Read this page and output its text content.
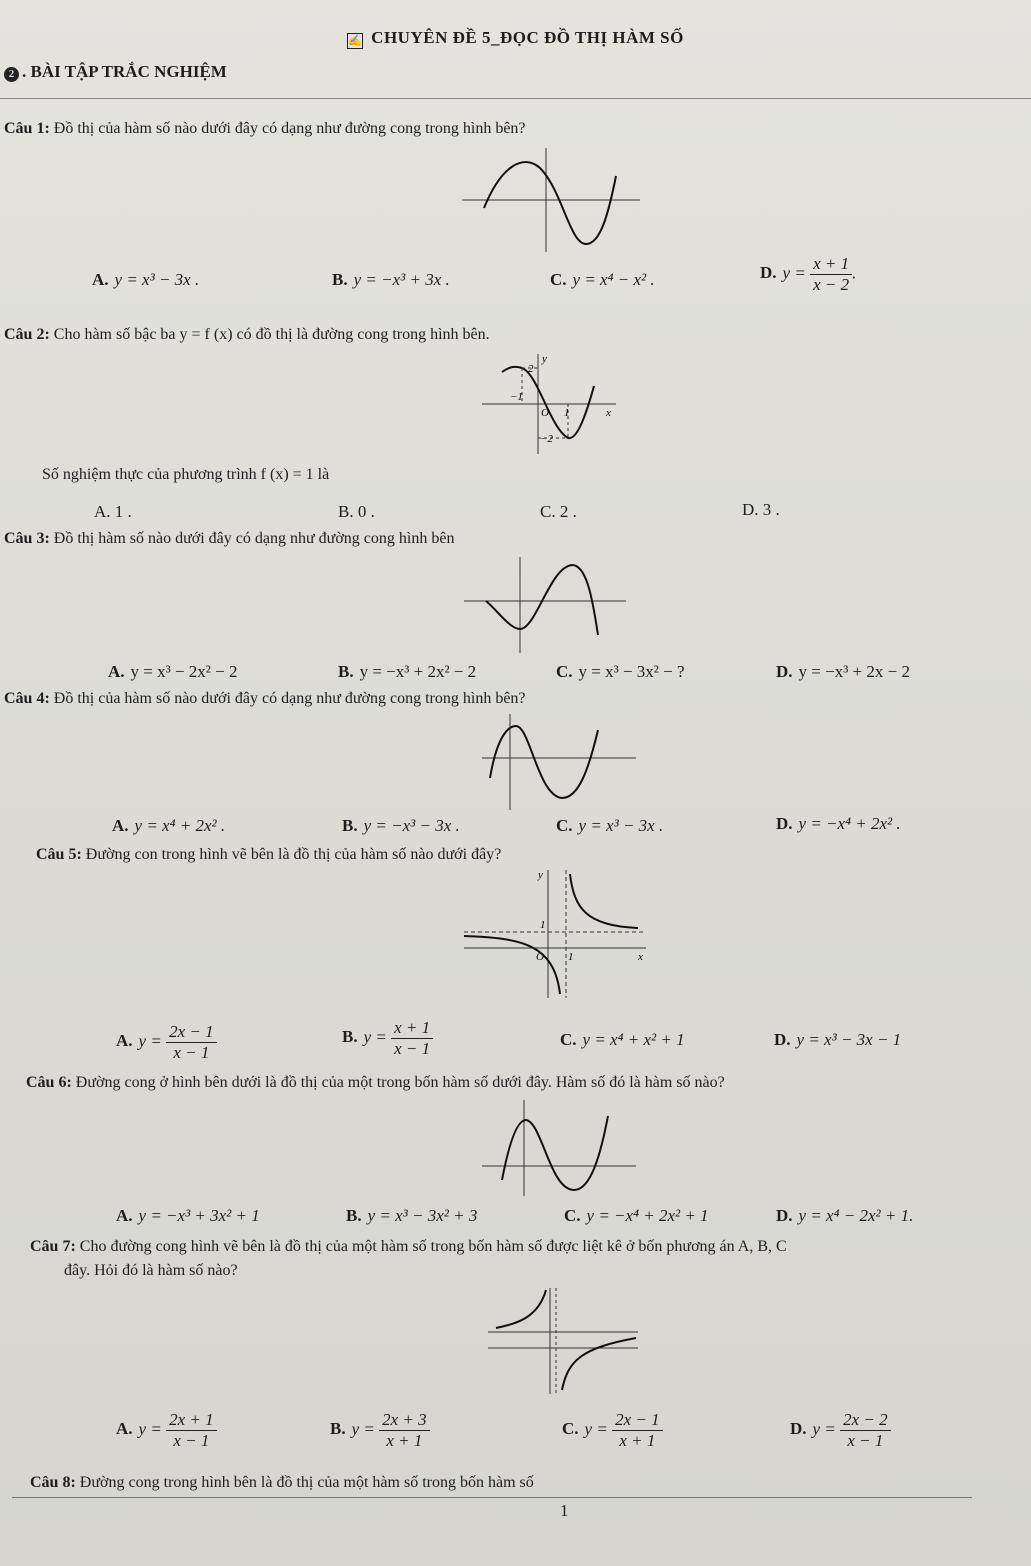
✍ CHUYÊN ĐỀ 5_ĐỌC ĐỒ THỊ HÀM SỐ
2 . BÀI TẬP TRẮC NGHIỆM
Câu 1: Đồ thị của hàm số nào dưới đây có dạng như đường cong trong hình bên?
A. y = x³ − 3x .	B. y = −x³ + 3x .	C. y = x⁴ − x² .	D. $y = \frac{x + 1}{x - 2}$ .
Câu 2: Cho hàm số bậc ba y = f (x) có đồ thị là đường cong trong hình bên.
2
−2
−1
1
O	x
y
Số nghiệm thực của phương trình f (x) = 1 là
A. 1 .	B. 0 .	C. 2 .	D. 3 .
Câu 3: Đồ thị hàm số nào dưới đây có dạng như đường cong hình bên
A. y = x³ − 2x² − 2	B. y = −x³ + 2x² − 2	C. y = x³ − 3x² − ?	D. y = −x³ + 2x − 2
Câu 4: Đồ thị của hàm số nào dưới đây có dạng như đường cong trong hình bên?
A. y = x⁴ + 2x² .	B. y = −x³ − 3x .	C. y = x³ − 3x .	D. y = −x⁴ + 2x² .
Câu 5: Đường con trong hình vẽ bên là đồ thị của hàm số nào dưới đây?
y
x
O
1
1
A. $y = \frac{2x - 1}{x - 1}$	B. $y = \frac{x + 1}{x - 1}$	C. y = x⁴ + x² + 1	D. y = x³ − 3x − 1
Câu 6: Đường cong ở hình bên dưới là đồ thị của một trong bốn hàm số dưới đây. Hàm số đó là hàm số nào?
A. y = −x³ + 3x² + 1	B. y = x³ − 3x² + 3	C. y = −x⁴ + 2x² + 1	D. y = x⁴ − 2x² + 1.
Câu 7: Cho đường cong hình vẽ bên là đồ thị của một hàm số trong bốn hàm số được liệt kê ở bốn phương án A, B, C
đây. Hỏi đó là hàm số nào?
A. $y = \frac{2x + 1}{x - 1}$	B. $y = \frac{2x + 3}{x + 1}$	C. $y = \frac{2x - 1}{x + 1}$	D. $y = \frac{2x - 2}{x - 1}$
Câu 8: Đường cong trong hình bên là đồ thị của một hàm số trong bốn hàm số
1
